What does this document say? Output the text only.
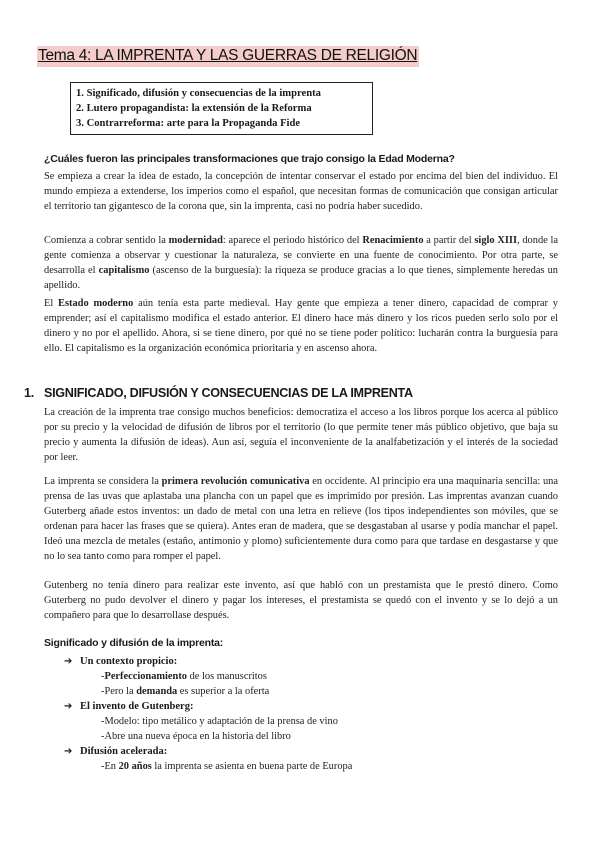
Tema 4: LA IMPRENTA Y LAS GUERRAS DE RELIGIÓN
1. Significado, difusión y consecuencias de la imprenta
2. Lutero propagandista: la extensión de la Reforma
3. Contrarreforma: arte para la Propaganda Fide

¿Cuáles fueron las principales transformaciones que trajo consigo la Edad Moderna?

Se empieza a crear la idea de estado, la concepción de intentar conservar el estado por encima del bien del individuo. El mundo empieza a extenderse, los imperios como el español, que necesitan formas de comunicación que consigan articular el territorio tan gigantesco de la corona que, sin la imprenta, casi no podría haber sucedido.

Comienza a cobrar sentido la modernidad: aparece el periodo histórico del Renacimiento a partir del siglo XIII, donde la gente comienza a observar y cuestionar la naturaleza, se convierte en una fuente de conocimiento. Por otra parte, se desarrolla el capitalismo (ascenso de la burguesía): la riqueza se produce gracias a lo que tienes, simplemente heredas un apellido.

El Estado moderno aún tenía esta parte medieval. Hay gente que empieza a tener dinero, capacidad de comprar y emprender; así el capitalismo modifica el estado anterior. El dinero hace más dinero y los ricos pueden serlo solo por el dinero y no por el apellido. Ahora, si se tiene dinero, por qué no se tiene poder político: lucharán contra la burguesía para ello. El capitalismo es la organización económica prioritaria y en ascenso ahora.

1. SIGNIFICADO, DIFUSIÓN Y CONSECUENCIAS DE LA IMPRENTA

La creación de la imprenta trae consigo muchos beneficios: democratiza el acceso a los libros porque los acerca al público por su precio y la velocidad de difusión de libros por el territorio (lo que permite tener más público objetivo, que baja su precio y aumenta la difusión de ideas). Aun así, seguía el inconveniente de la analfabetización y el interés de la sociedad por leer.

La imprenta se considera la primera revolución comunicativa en occidente. Al principio era una maquinaria sencilla: una prensa de las uvas que aplastaba una plancha con un papel que es imprimido por presión. Las imprentas avanzan cuando Guterberg añade estos inventos: un dado de metal con una letra en relieve (los tipos independientes son móviles, que se ordenan para hacer las frases que se quiera). Antes eran de madera, que se desgastaban al usarse y podía manchar el papel. Ideó una mezcla de metales (estaño, antimonio y plomo) suficientemente dura como para que tardase en desgastarse y que no lo sea tanto como para romper el papel.

Gutenberg no tenía dinero para realizar este invento, así que habló con un prestamista que le prestó dinero. Como Guterberg no pudo devolver el dinero y pagar los intereses, el prestamista se quedó con el invento y se lo dejó a un compañero para que lo desarrollase después.

Significado y difusión de la imprenta:

➔ Un contexto propicio:

-Perfeccionamiento de los manuscritos

-Pero la demanda es superior a la oferta

➔ El invento de Gutenberg:

-Modelo: tipo metálico y adaptación de la prensa de vino

-Abre una nueva época en la historia del libro

➔ Difusión acelerada:

-En 20 años la imprenta se asienta en buena parte de Europa
